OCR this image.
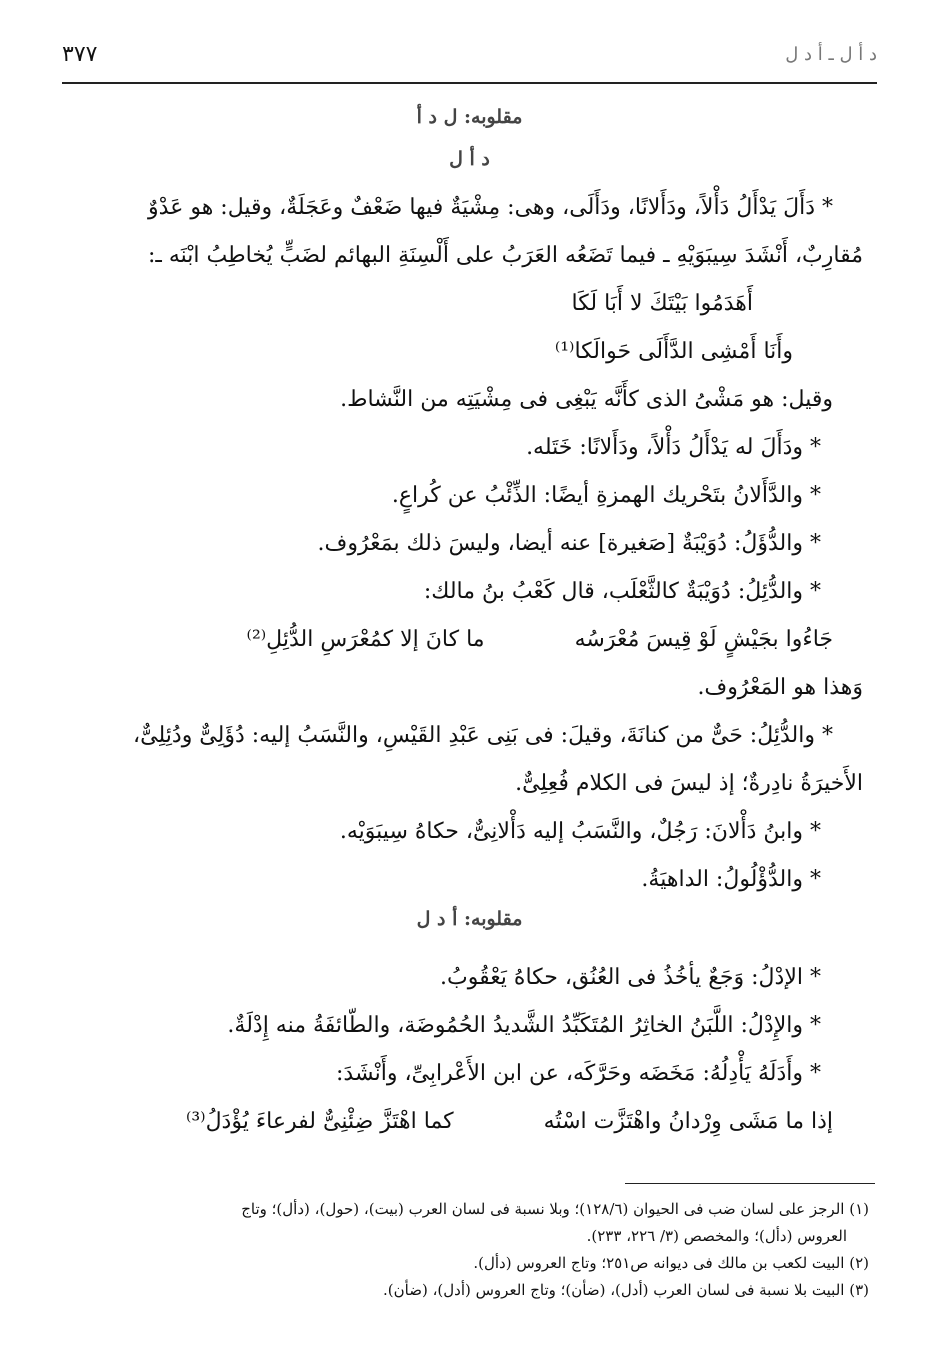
٣٧٧	د أ ل ـ أ د ل
مقلوبه: ل د أ
د أ ل
* دَأَلَ يَدْأَلُ دَأْلاً، ودَأَلانًا، ودَأَلَى، وهى: مِشْيَةٌ فيها ضَعْفٌ وعَجَلَةٌ، وقيل: هو عَدْوٌ
مُقارِبٌ، أَنْشَدَ سِيبَوَيْهِ ـ فيما تَضَعُه العَرَبُ على أَلْسِنَةِ البهائم لضَبٍّ يُخاطِبُ ابْنَه ـ:
أَهَدَمُوا بَيْتَكَ لا أَبَا لَكَا
وأَنَا أَمْشِى الدَّأَلَى حَوالَكا⁽¹⁾
وقيل: هو مَشْىُ الذى كأَنَّه يَبْغِى فى مِشْيَتِه من النَّشاط.
* ودَأَلَ له يَدْأَلُ دَأْلاً، ودَأَلانًا: خَتَله.
* والدَّأَلانُ بتَحْريك الهمزةِ أيضًا: الذِّئْبُ عن كُراعٍ.
* والدُّؤَلُ: دُوَيْبَةٌ [صَغيرة] عنه أيضا، وليسَ ذلك بمَعْرُوف.
* والدُّئِلُ: دُوَيْبَةٌ كالثَّعْلَب، قال كَعْبُ بنُ مالك:
جَاءُوا بجَيْشٍ لَوْ قِيسَ مُعْرَسُه
ما كانَ إلا كمُعْرَسِ الدُّئِلِ⁽²⁾
وَهذا هو المَعْرُوف.
* والدُّئِلُ: حَىٌّ من كنانَةَ، وقيلَ: فى بَنِى عَبْدِ القَيْسِ، والنَّسَبُ إليه: دُؤَلِىٌّ ودُئِلِىٌّ،
الأَخيرَةُ نادِرةٌ؛ إذ ليسَ فى الكلام فُعِلِىٌّ.
* وابنُ دَأْلانَ: رَجُلٌ، والنَّسَبُ إليه دَأْلانِىٌّ، حكاهُ سِيبَوَيْه.
* والدُّؤْلُولُ: الداهيَةُ.
* الإدْلُ: وَجَعٌ يأخُذُ فى العُنُق، حكاهُ يَعْقُوبُ.
* والإِدْلُ: اللَّبَنُ الخاثِرُ المُتَكَبِّدُ الشَّديدُ الحُمُوضَة، والطّائفَةُ منه إِدْلَةٌ.
* وأَدَلَهُ يَأْدِلُهُ: مَخَضَه وحَرَّكَه، عن ابن الأَعْرابِىِّ، وأَنْشَدَ:
إذا ما مَشَى وِرْدانُ واهْتَزَّت اسْتُه
كما اهْتَزَّ ضِئْنِىٌّ لفرعاءَ يُؤْدَلُ⁽³⁾
مقلوبه: أ د ل
(١) الرجز على لسان ضب فى الحيوان (١٢٨/٦)؛ وبلا نسبة فى لسان العرب (بيت)، (حول)، (دأل)؛ وتاج
العروس (دأل)؛ والمخصص (٣/ ٢٢٦، ٢٣٣).
(٢) البيت لكعب بن مالك فى ديوانه ص٢٥١؛ وتاج العروس (دأل).
(٣) البيت بلا نسبة فى لسان العرب (أدل)، (ضأن)؛ وتاج العروس (أدل)، (ضأن).
